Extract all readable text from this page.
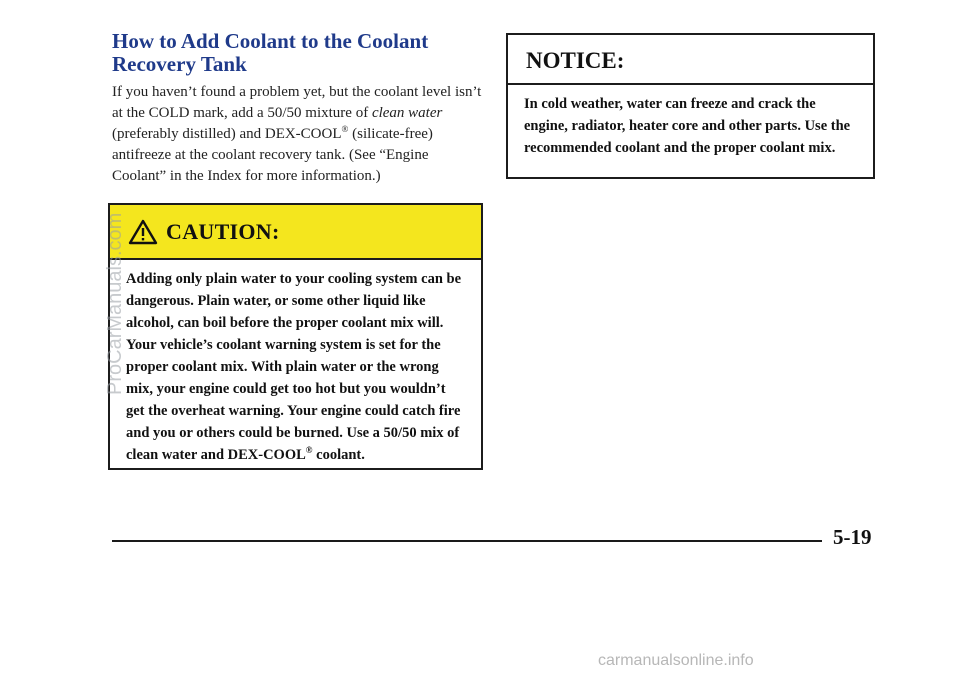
How to Add Coolant to the Coolant Recovery Tank

If you haven’t found a problem yet, but the coolant level isn’t at the COLD mark, add a 50/50 mixture of clean water (preferably distilled) and DEX-COOL® (silicate-free) antifreeze at the coolant recovery tank. (See “Engine Coolant” in the Index for more information.)

CAUTION:
Adding only plain water to your cooling system can be dangerous. Plain water, or some other liquid like alcohol, can boil before the proper coolant mix will. Your vehicle’s coolant warning system is set for the proper coolant mix. With plain water or the wrong mix, your engine could get too hot but you wouldn’t get the overheat warning. Your engine could catch fire and you or others could be burned. Use a 50/50 mix of clean water and DEX-COOL® coolant.
NOTICE:
In cold weather, water can freeze and crack the engine, radiator, heater core and other parts. Use the recommended coolant and the proper coolant mix.
5-19
ProCarManuals.com
carmanualsonline.info
